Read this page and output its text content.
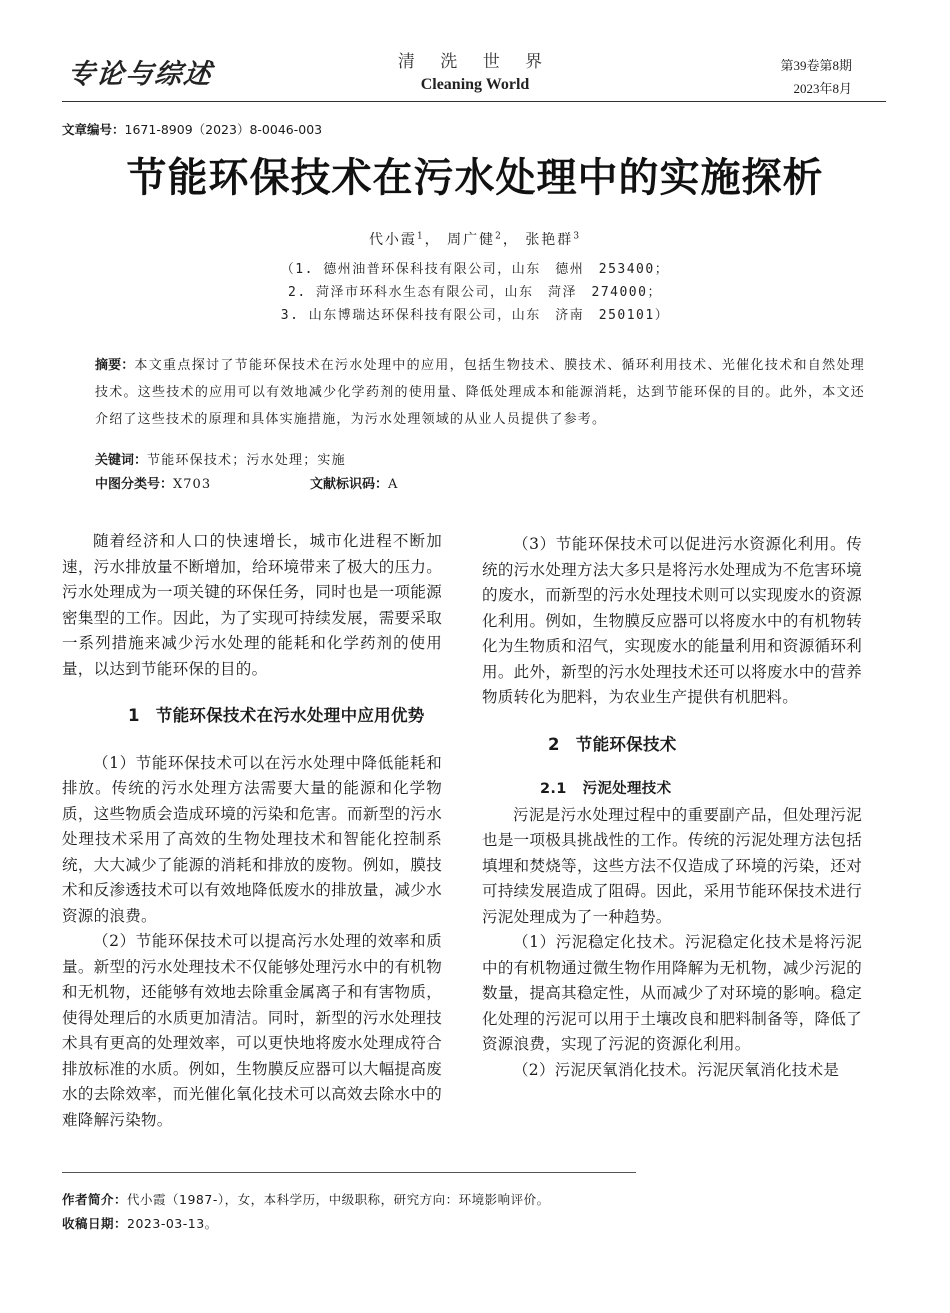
专论与综述	清 洗 世 界
Cleaning World
第39卷第8期
2023年8月
文章编号：1671-8909（2023）8-0046-003
节能环保技术在污水处理中的实施探析
代小霞$^1$， 周广健$^2$， 张艳群$^3$
（1. 德州油普环保科技有限公司，山东　德州　253400；
2. 菏泽市环科水生态有限公司，山东　菏泽　274000；
3. 山东博瑞达环保科技有限公司，山东　济南　250101）
摘要：本文重点探讨了节能环保技术在污水处理中的应用，包括生物技术、膜技术、循环利用技术、光催化技术和自然处理技术。这些技术的应用可以有效地减少化学药剂的使用量、降低处理成本和能源消耗，达到节能环保的目的。此外，本文还介绍了这些技术的原理和具体实施措施，为污水处理领域的从业人员提供了参考。
关键词：节能环保技术；污水处理；实施
中图分类号：X703	文献标识码：A

随着经济和人口的快速增长，城市化进程不断加速，污水排放量不断增加，给环境带来了极大的压力。污水处理成为一项关键的环保任务，同时也是一项能源密集型的工作。因此，为了实现可持续发展，需要采取一系列措施来减少污水处理的能耗和化学药剂的使用量，以达到节能环保的目的。

1 节能环保技术在污水处理中应用优势

（1）节能环保技术可以在污水处理中降低能耗和排放。传统的污水处理方法需要大量的能源和化学物质，这些物质会造成环境的污染和危害。而新型的污水处理技术采用了高效的生物处理技术和智能化控制系统，大大减少了能源的消耗和排放的废物。例如，膜技术和反渗透技术可以有效地降低废水的排放量，减少水资源的浪费。

（2）节能环保技术可以提高污水处理的效率和质量。新型的污水处理技术不仅能够处理污水中的有机物和无机物，还能够有效地去除重金属离子和有害物质，使得处理后的水质更加清洁。同时，新型的污水处理技术具有更高的处理效率，可以更快地将废水处理成符合排放标准的水质。例如，生物膜反应器可以大幅提高废水的去除效率，而光催化氧化技术可以高效去除水中的难降解污染物。

（3）节能环保技术可以促进污水资源化利用。传统的污水处理方法大多只是将污水处理成为不危害环境的废水，而新型的污水处理技术则可以实现废水的资源化利用。例如，生物膜反应器可以将废水中的有机物转化为生物质和沼气，实现废水的能量利用和资源循环利用。此外，新型的污水处理技术还可以将废水中的营养物质转化为肥料，为农业生产提供有机肥料。

2 节能环保技术

2.1 污泥处理技术

污泥是污水处理过程中的重要副产品，但处理污泥也是一项极具挑战性的工作。传统的污泥处理方法包括填埋和焚烧等，这些方法不仅造成了环境的污染，还对可持续发展造成了阻碍。因此，采用节能环保技术进行污泥处理成为了一种趋势。

（1）污泥稳定化技术。污泥稳定化技术是将污泥中的有机物通过微生物作用降解为无机物，减少污泥的数量，提高其稳定性，从而减少了对环境的影响。稳定化处理的污泥可以用于土壤改良和肥料制备等，降低了资源浪费，实现了污泥的资源化利用。

（2）污泥厌氧消化技术。污泥厌氧消化技术是

作者简介：代小霞（1987-），女，本科学历，中级职称，研究方向：环境影响评价。
收稿日期：2023-03-13。
